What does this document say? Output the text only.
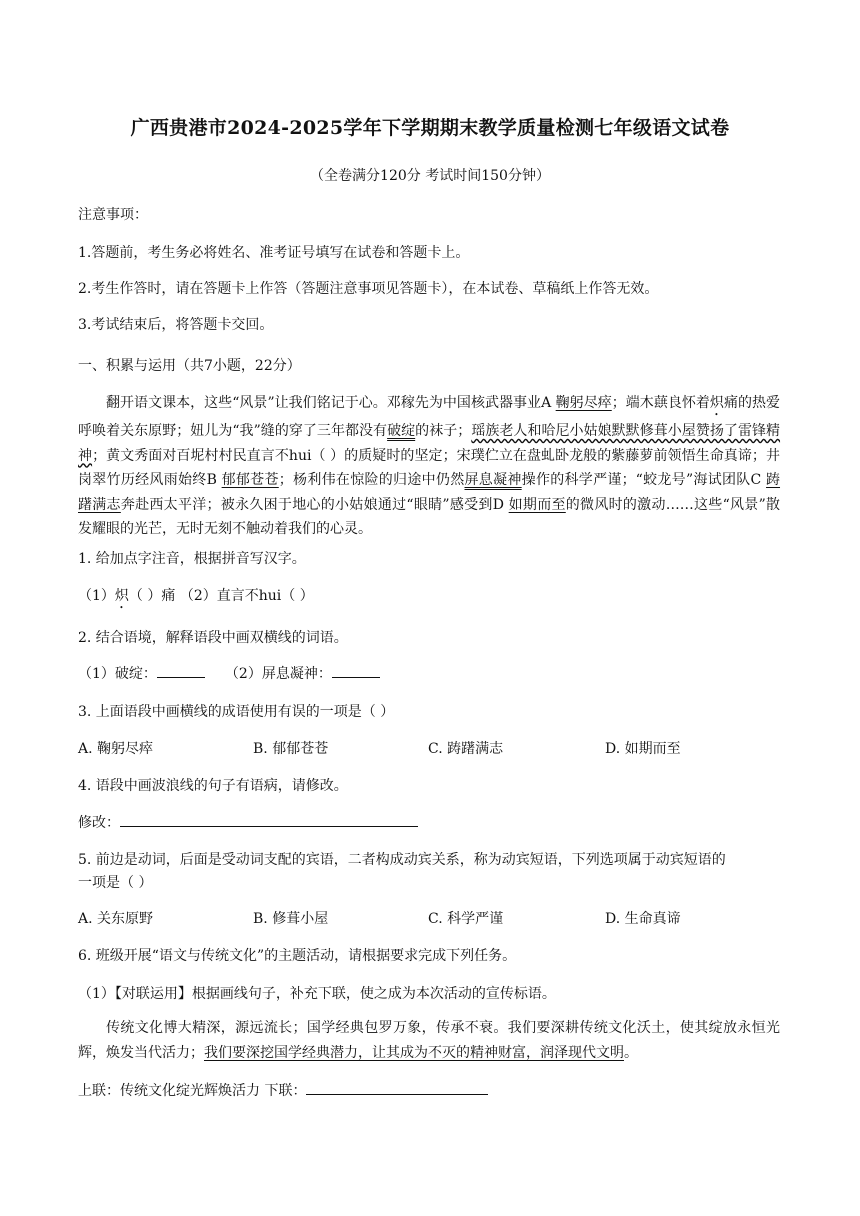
广西贵港市2024-2025学年下学期期末教学质量检测七年级语文试卷
（全卷满分120分 考试时间150分钟）
注意事项：
1.答题前，考生务必将姓名、准考证号填写在试卷和答题卡上。
2.考生作答时，请在答题卡上作答（答题注意事项见答题卡），在本试卷、草稿纸上作答无效。
3.考试结束后，将答题卡交回。
一、积累与运用（共7小题，22分）
翻开语文课本，这些“风景”让我们铭记于心。邓稼先为中国核武器事业A 鞠躬尽瘁；端木蕻良怀着炽痛的热爱呼唤着关东原野；妞儿为“我”缝的穿了三年都没有破绽的袜子；瑶族老人和哈尼小姑娘默默修葺小屋赞扬了雷锋精神；黄文秀面对百坭村村民直言不hui（ ）的质疑时的坚定；宋璞伫立在盘虬卧龙般的紫藤萝前领悟生命真谛；井岗翠竹历经风雨始终B 郁郁苍苍；杨利伟在惊险的归途中仍然屏息凝神操作的科学严谨；“蛟龙号”海试团队C 踌躇满志奔赴西太平洋；被永久困于地心的小姑娘通过“眼睛”感受到D 如期而至的微风时的激动……这些“风景”散发耀眼的光芒，无时无刻不触动着我们的心灵。
1. 给加点字注音，根据拼音写汉字。
（1）炽（ ）痛 （2）直言不hui（ ）
2. 结合语境，解释语段中画双横线的词语。
（1）破绽：	（2）屏息凝神：
3. 上面语段中画横线的成语使用有误的一项是（ ）
A. 鞠躬尽瘁	B. 郁郁苍苍	C. 踌躇满志	D. 如期而至
4. 语段中画波浪线的句子有语病，请修改。
修改：
5. 前边是动词，后面是受动词支配的宾语，二者构成动宾关系，称为动宾短语，下列选项属于动宾短语的
一项是（ ）
A. 关东原野	B. 修葺小屋	C. 科学严谨	D. 生命真谛
6. 班级开展“语文与传统文化”的主题活动，请根据要求完成下列任务。
（1）【对联运用】根据画线句子，补充下联，使之成为本次活动的宣传标语。
传统文化博大精深，源远流长；国学经典包罗万象，传承不衰。我们要深耕传统文化沃土，使其绽放永恒光辉，焕发当代活力；我们要深挖国学经典潜力，让其成为不灭的精神财富，润泽现代文明。
上联：传统文化绽光辉焕活力 下联：
